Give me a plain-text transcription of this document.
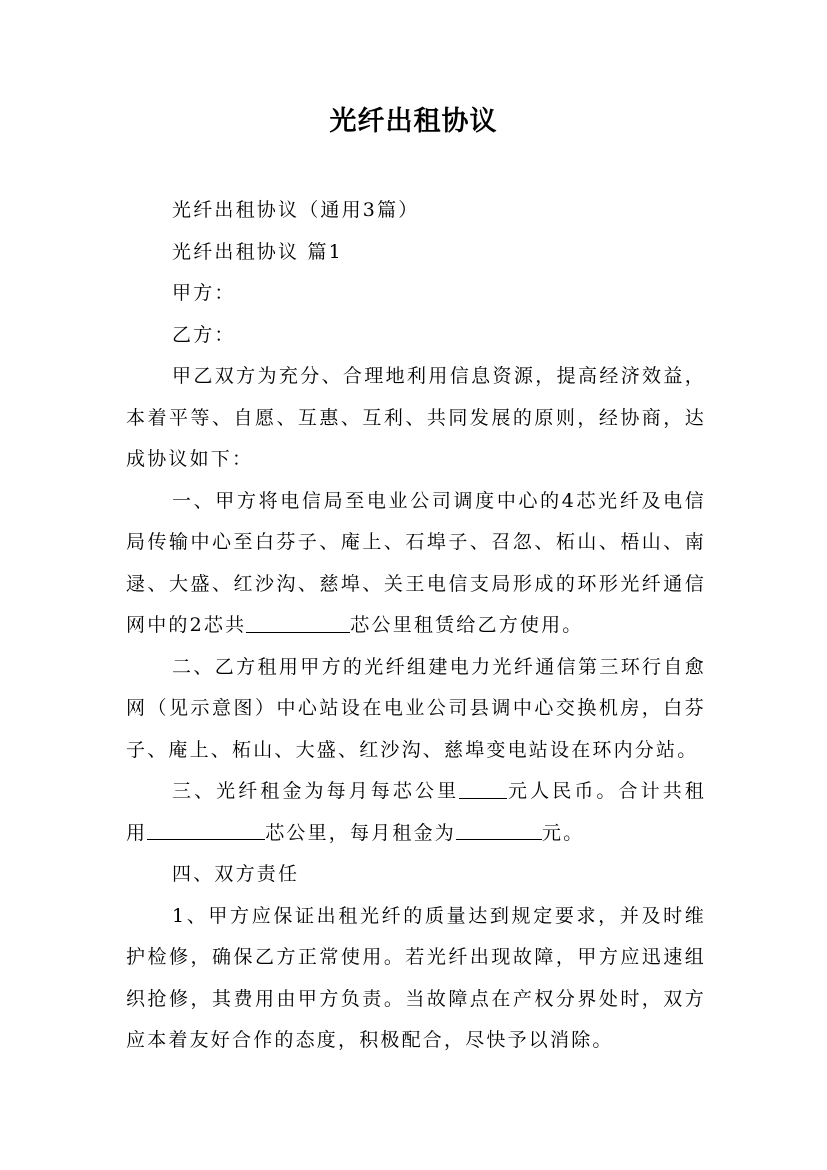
光纤出租协议

光纤出租协议（通用3篇）

光纤出租协议 篇1

甲方：

乙方：

甲乙双方为充分、合理地利用信息资源，提高经济效益，本着平等、自愿、互惠、互利、共同发展的原则，经协商，达成协议如下：

一、甲方将电信局至电业公司调度中心的4芯光纤及电信局传输中心至白芬子、庵上、石埠子、召忽、柘山、梧山、南逯、大盛、红沙沟、慈埠、关王电信支局形成的环形光纤通信网中的2芯共	芯公里租赁给乙方使用。

二、乙方租用甲方的光纤组建电力光纤通信第三环行自愈网（见示意图）中心站设在电业公司县调中心交换机房，白芬子、庵上、柘山、大盛、红沙沟、慈埠变电站设在环内分站。

三、光纤租金为每月每芯公里	元人民币。合计共租用	芯公里，每月租金为	元。

四、双方责任

1、甲方应保证出租光纤的质量达到规定要求，并及时维护检修，确保乙方正常使用。若光纤出现故障，甲方应迅速组织抢修，其费用由甲方负责。当故障点在产权分界处时，双方应本着友好合作的态度，积极配合，尽快予以消除。
